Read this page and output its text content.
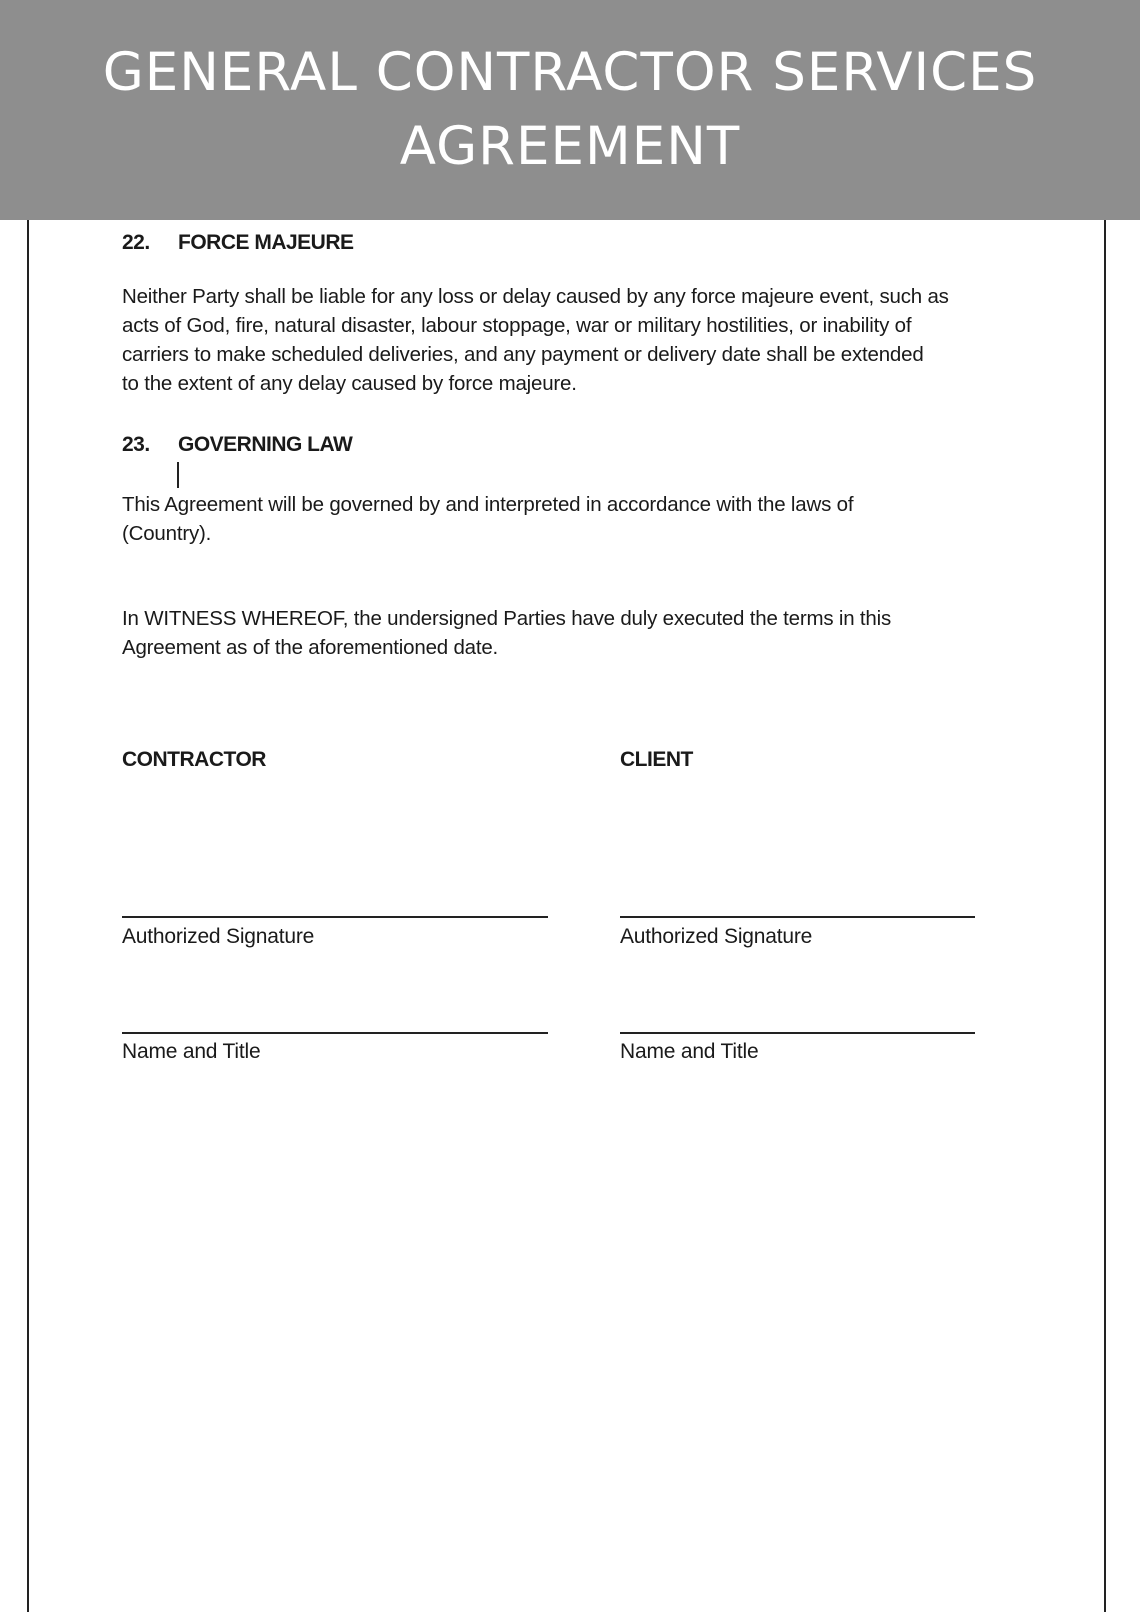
GENERAL CONTRACTOR SERVICES
AGREEMENT
22.	FORCE MAJEURE
Neither Party shall be liable for any loss or delay caused by any force majeure event, such as
acts of God, fire, natural disaster, labour stoppage, war or military hostilities, or inability of
carriers to make scheduled deliveries, and any payment or delivery date shall be extended
to the extent of any delay caused by force majeure.
23.	GOVERNING LAW
This Agreement will be governed by and interpreted in accordance with the laws of
(Country).
In WITNESS WHEREOF, the undersigned Parties have duly executed the terms in this
Agreement as of the aforementioned date.
CONTRACTOR
Authorized Signature
Name and Title
CLIENT
Authorized Signature
Name and Title
